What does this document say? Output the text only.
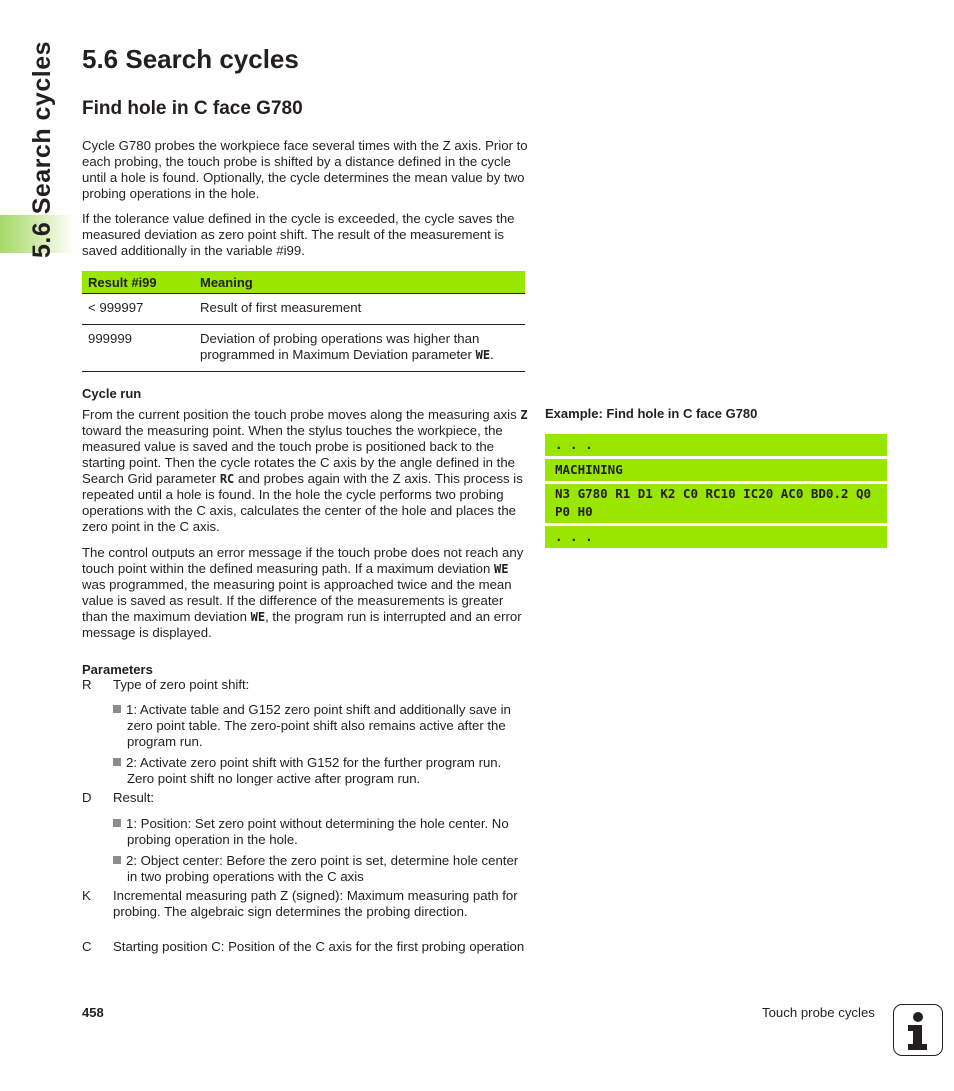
5.6 Search cycles 5.6 Search cycles
Find hole in C face G780

Cycle G780 probes the workpiece face several times with the Z axis. Prior to each probing, the touch probe is shifted by a distance defined in the cycle until a hole is found. Optionally, the cycle determines the mean value by two probing operations in the hole.

If the tolerance value defined in the cycle is exceeded, the cycle saves the measured deviation as zero point shift. The result of the measurement is saved additionally in the variable #i99.

Result #i99	Meaning
< 999997	Result of first measurement
999999	Deviation of probing operations was higher than programmed in Maximum Deviation parameter WE.
Cycle run

From the current position the touch probe moves along the measuring axis Z toward the measuring point. When the stylus touches the workpiece, the measured value is saved and the touch probe is positioned back to the starting point. Then the cycle rotates the C axis by the angle defined in the Search Grid parameter RC and probes again with the Z axis. This process is repeated until a hole is found. In the hole the cycle performs two probing operations with the C axis, calculates the center of the hole and places the zero point in the C axis.

The control outputs an error message if the touch probe does not reach any touch point within the defined measuring path. If a maximum deviation WE was programmed, the measuring point is approached twice and the mean value is saved as result. If the difference of the measurements is greater than the maximum deviation WE, the program run is interrupted and an error message is displayed.

Parameters
R Type of zero point shift:
1: Activate table and G152 zero point shift and additionally save in zero point table. The zero-point shift also remains active after the program run.
2: Activate zero point shift with G152 for the further program run. Zero point shift no longer active after program run.
D Result:
1: Position: Set zero point without determining the hole center. No probing operation in the hole.
2: Object center: Before the zero point is set, determine hole center in two probing operations with the C axis
K Incremental measuring path Z (signed): Maximum measuring path for probing. The algebraic sign determines the probing direction.
C Starting position C: Position of the C axis for the first probing operation
Example: Find hole in C face G780
. . .
MACHINING
N3 G780 R1 D1 K2 C0 RC10 IC20 AC0 BD0.2 Q0 P0 H0
. . .
458	Touch probe cycles
